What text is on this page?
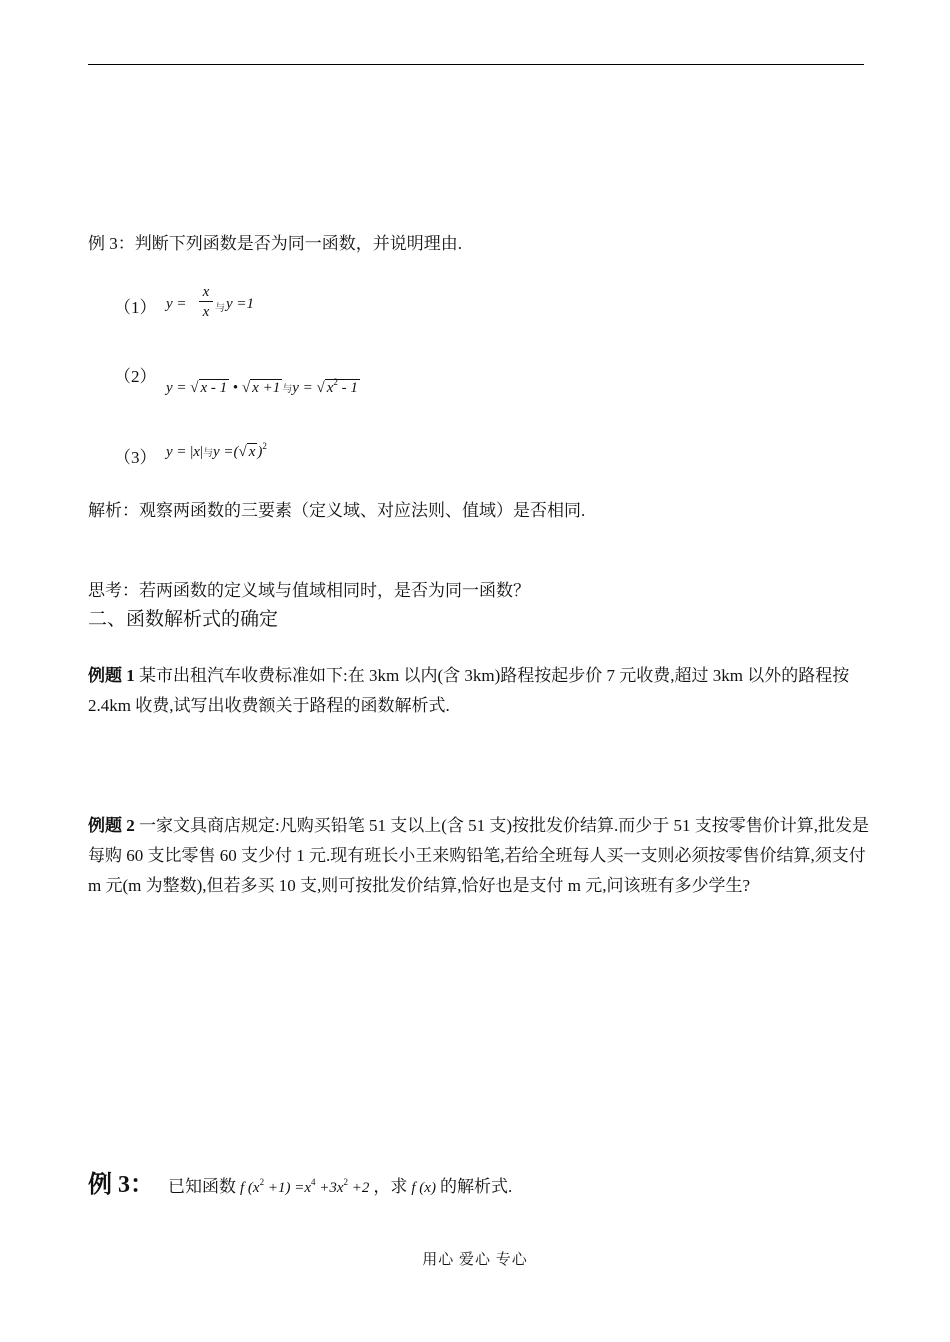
例 3：判断下列函数是否为同一函数，并说明理由.
（1） y =
x
x 与 y =1
（2）
y = √ x - 1 • √ x +1 与y = √ $x^2 - 1$
（3） y = |x|与y =(√ x )$^2$
解析：观察两函数的三要素（定义域、对应法则、值域）是否相同.
思考：若两函数的定义域与值域相同时，是否为同一函数？
二、函数解析式的确定
例题 1 某市出租汽车收费标准如下:在 3km 以内(含 3km)路程按起步价 7 元收费,超过 3km 以外的路程按 2.4km 收费,试写出收费额关于路程的函数解析式.
例题 2 一家文具商店规定:凡购买铅笔 51 支以上(含 51 支)按批发价结算.而少于 51 支按零售价计算,批发是每购 60 支比零售 60 支少付 1 元.现有班长小王来购铅笔,若给全班每人买一支则必须按零售价结算,须支付 m 元(m 为整数),但若多买 10 支,则可按批发价结算,恰好也是支付 m 元,问该班有多少学生?
例 3： 已知函数 f $(x^2 +1) =x^4 +3x^2 +2$ ，求 f (x) 的解析式.
用心 爱心 专心
